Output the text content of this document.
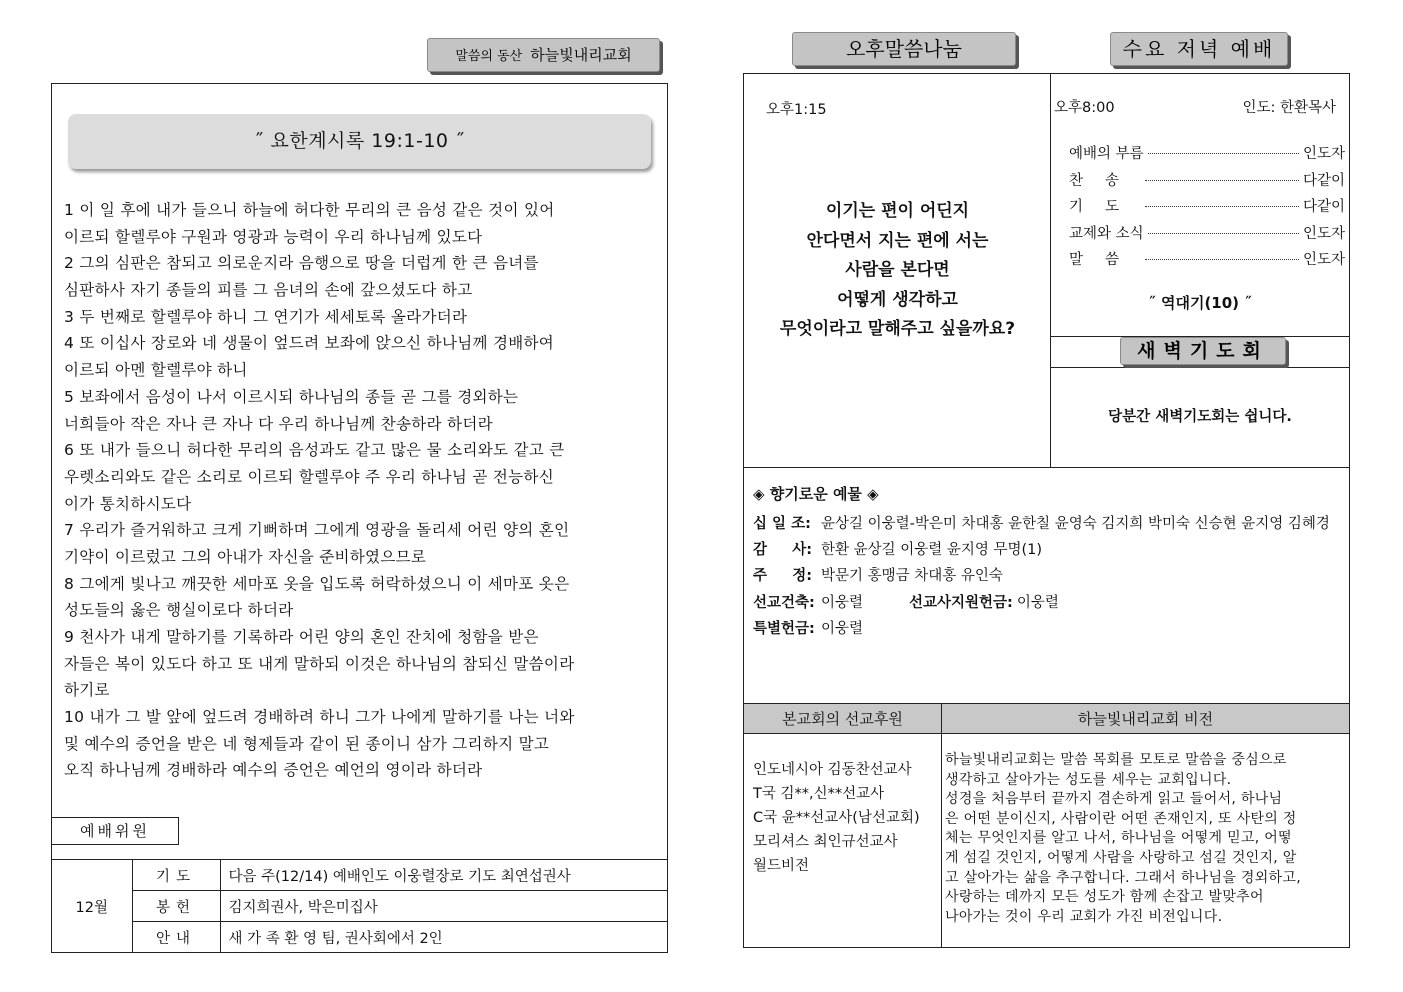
말씀의 동산 하늘빛내리교회
˝ 요한계시록 19:1-10 ˝
1 이 일 후에 내가 들으니 하늘에 허다한 무리의 큰 음성 같은 것이 있어
이르되 할렐루야 구원과 영광과 능력이 우리 하나님께 있도다
2 그의 심판은 참되고 의로운지라 음행으로 땅을 더럽게 한 큰 음녀를
심판하사 자기 종들의 피를 그 음녀의 손에 갚으셨도다 하고
3 두 번째로 할렐루야 하니 그 연기가 세세토록 올라가더라
4 또 이십사 장로와 네 생물이 엎드려 보좌에 앉으신 하나님께 경배하여
이르되 아멘 할렐루야 하니
5 보좌에서 음성이 나서 이르시되 하나님의 종들 곧 그를 경외하는
너희들아 작은 자나 큰 자나 다 우리 하나님께 찬송하라 하더라
6 또 내가 들으니 허다한 무리의 음성과도 같고 많은 물 소리와도 같고 큰
우렛소리와도 같은 소리로 이르되 할렐루야 주 우리 하나님 곧 전능하신
이가 통치하시도다
7 우리가 즐거워하고 크게 기뻐하며 그에게 영광을 돌리세 어린 양의 혼인
기약이 이르렀고 그의 아내가 자신을 준비하였으므로
8 그에게 빛나고 깨끗한 세마포 옷을 입도록 허락하셨으니 이 세마포 옷은
성도들의 옳은 행실이로다 하더라
9 천사가 내게 말하기를 기록하라 어린 양의 혼인 잔치에 청함을 받은
자들은 복이 있도다 하고 또 내게 말하되 이것은 하나님의 참되신 말씀이라
하기로
10 내가 그 발 앞에 엎드려 경배하려 하니 그가 나에게 말하기를 나는 너와
및 예수의 증언을 받은 네 형제들과 같이 된 종이니 삼가 그리하지 말고
오직 하나님께 경배하라 예수의 증언은 예언의 영이라 하더라
예배위원
12월	기도	다음 주(12/14) 예배인도 이웅렬장로 기도 최연섭권사
	봉헌	김지희권사, 박은미집사
	안내	새 가 족 환 영 팀, 권사회에서 2인
오후말씀나눔	수요 저녁 예배
오후1:15
이기는 편이 어딘지
안다면서 지는 편에 서는
사람을 본다면
어떻게 생각하고
무엇이라고 말해주고 싶을까요?
오후8:00	인도: 한환목사
예배의 부름	인도자
찬송	다같이
기도	다같이
교제와 소식	인도자
말씀	인도자
˝ 역대기(10) ˝
새벽기도회
당분간 새벽기도회는 쉽니다.
◈ 향기로운 예물 ◈
십 일 조: 윤상길 이웅렬-박은미 차대홍 윤한칠 윤영숙 김지희 박미숙 신승현 윤지영 김혜경
감     사: 한환 윤상길 이웅렬 윤지영 무명(1)
주     정: 박문기 홍맹금 차대홍 유인숙
선교건축: 이웅렬	선교사지원헌금: 이웅렬
특별헌금: 이웅렬
본교회의 선교후원	하늘빛내리교회 비전
인도네시아 김동찬선교사
T국 김**,신**선교사
C국 윤**선교사(남선교회)
모리셔스 최인규선교사
월드비전
하늘빛내리교회는 말씀 목회를 모토로 말씀을 중심으로
생각하고 살아가는 성도를 세우는 교회입니다.
성경을 처음부터 끝까지 겸손하게 읽고 들어서, 하나님
은 어떤 분이신지, 사람이란 어떤 존재인지, 또 사탄의 정
체는 무엇인지를 알고 나서, 하나님을 어떻게 믿고, 어떻
게 섬길 것인지, 어떻게 사람을 사랑하고 섬길 것인지, 알
고 살아가는 삶을 추구합니다. 그래서 하나님을 경외하고,
사랑하는 데까지 모든 성도가 함께 손잡고 발맞추어
나아가는 것이 우리 교회가 가진 비전입니다.
